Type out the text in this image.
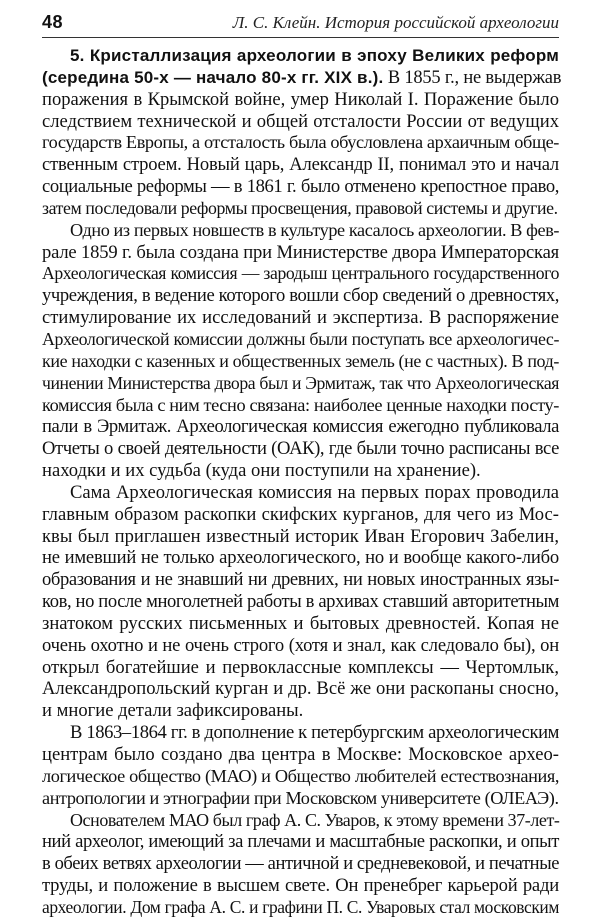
48	Л. С. Клейн. История российской археологии
5. Кристаллизация археологии в эпоху Великих реформ
(середина 50-х — начало 80-х гг. XIX в.). В 1855 г., не выдержав
поражения в Крымской войне, умер Николай I. Поражение было
следствием технической и общей отсталости России от ведущих
государств Европы, а отсталость была обусловлена архаичным обще-
ственным строем. Новый царь, Александр II, понимал это и начал
социальные реформы — в 1861 г. было отменено крепостное право,
затем последовали реформы просвещения, правовой системы и другие.
Одно из первых новшеств в культуре касалось археологии. В фев-
рале 1859 г. была создана при Министерстве двора Императорская
Археологическая комиссия — зародыш центрального государственного
учреждения, в ведение которого вошли сбор сведений о древностях,
стимулирование их исследований и экспертиза. В распоряжение
Археологической комиссии должны были поступать все археологичес-
кие находки с казенных и общественных земель (не с частных). В под-
чинении Министерства двора был и Эрмитаж, так что Археологическая
комиссия была с ним тесно связана: наиболее ценные находки посту-
пали в Эрмитаж. Археологическая комиссия ежегодно публиковала
Отчеты о своей деятельности (ОАК), где были точно расписаны все
находки и их судьба (куда они поступили на хранение).
Сама Археологическая комиссия на первых порах проводила
главным образом раскопки скифских курганов, для чего из Мос-
квы был приглашен известный историк Иван Егорович Забелин,
не имевший не только археологического, но и вообще какого-либо
образования и не знавший ни древних, ни новых иностранных язы-
ков, но после многолетней работы в архивах ставший авторитетным
знатоком русских письменных и бытовых древностей. Копая не
очень охотно и не очень строго (хотя и знал, как следовало бы), он
открыл богатейшие и первоклассные комплексы — Чертомлык,
Александропольский курган и др. Всё же они раскопаны сносно,
и многие детали зафиксированы.
В 1863–1864 гг. в дополнение к петербургским археологическим
центрам было создано два центра в Москве: Московское архео-
логическое общество (МАО) и Общество любителей естествознания,
антропологии и этнографии при Московском университете (ОЛЕАЭ).
Основателем МАО был граф А. С. Уваров, к этому времени 37-лет-
ний археолог, имеющий за плечами и масштабные раскопки, и опыт
в обеих ветвях археологии — античной и средневековой, и печатные
труды, и положение в высшем свете. Он пренебрег карьерой ради
археологии. Дом графа А. С. и графини П. С. Уваровых стал московским
